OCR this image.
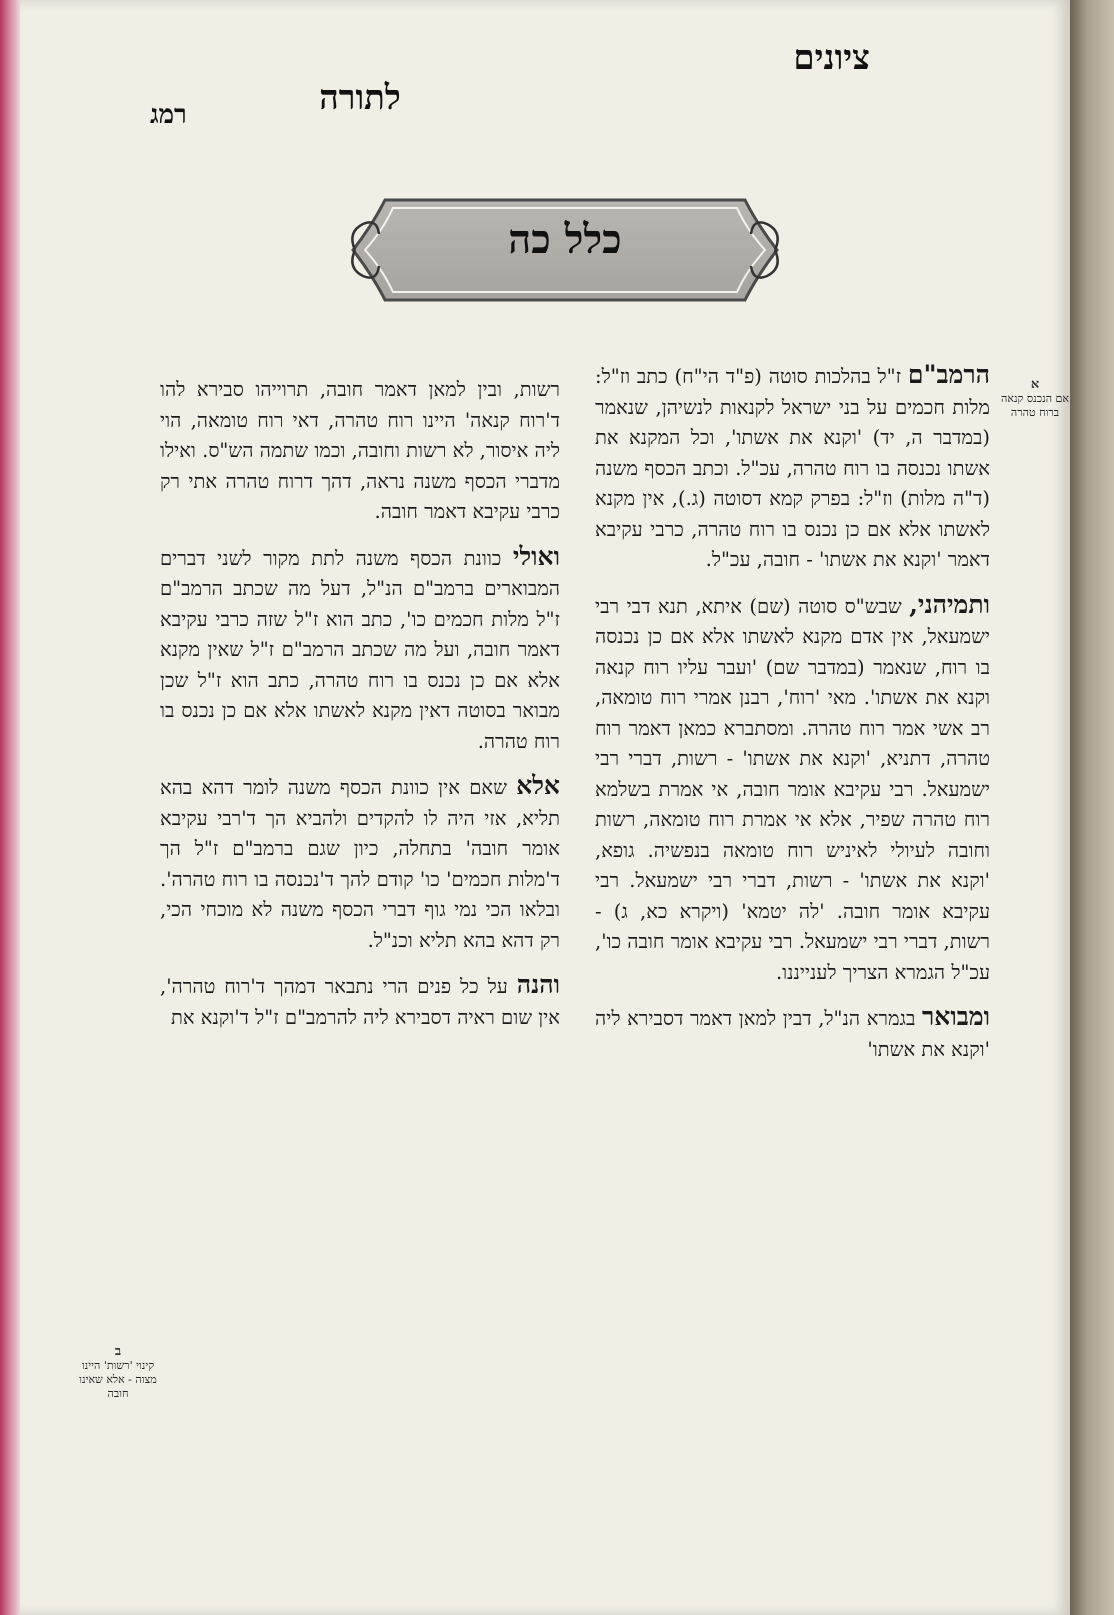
ציונים
לתורה
רמג
כלל כה
א
אם הנכנס קנאה ברוח טהרה
ב
קינוי 'רשות' היינו מצוה - אלא שאינו חובה

הרמב"ם ז"ל בהלכות סוטה (פ"ד הי"ח) כתב וז"ל: מלות חכמים על בני ישראל לקנאות לנשיהן, שנאמר (במדבר ה, יד) 'וקנא את אשתו', וכל המקנא את אשתו נכנסה בו רוח טהרה, עכ"ל. וכתב הכסף משנה (ד"ה מלות) וז"ל: בפרק קמא דסוטה (ג.), אין מקנא לאשתו אלא אם כן נכנס בו רוח טהרה, כרבי עקיבא דאמר 'וקנא את אשתו' - חובה, עכ"ל.

ותמיהני, שבש"ס סוטה (שם) איתא, תנא דבי רבי ישמעאל, אין אדם מקנא לאשתו אלא אם כן נכנסה בו רוח, שנאמר (במדבר שם) 'ועבר עליו רוח קנאה וקנא את אשתו'. מאי 'רוח', רבנן אמרי רוח טומאה, רב אשי אמר רוח טהרה. ומסתברא כמאן דאמר רוח טהרה, דתניא, 'וקנא את אשתו' - רשות, דברי רבי ישמעאל. רבי עקיבא אומר חובה, אי אמרת בשלמא רוח טהרה שפיר, אלא אי אמרת רוח טומאה, רשות וחובה לעיולי לאיניש רוח טומאה בנפשיה. גופא, 'וקנא את אשתו' - רשות, דברי רבי ישמעאל. רבי עקיבא אומר חובה. 'לה יטמא' (ויקרא כא, ג) - רשות, דברי רבי ישמעאל. רבי עקיבא אומר חובה כו', עכ"ל הגמרא הצריך לענייננו.

ומבואר בגמרא הנ"ל, דבין למאן דאמר דסבירא ליה 'וקנא את אשתו'

רשות, ובין למאן דאמר חובה, תרוייהו סבירא להו ד'רוח קנאה' היינו רוח טהרה, דאי רוח טומאה, הוי ליה איסור, לא רשות וחובה, וכמו שתמה הש"ס. ואילו מדברי הכסף משנה נראה, דהך דרוח טהרה אתי רק כרבי עקיבא דאמר חובה.

ואולי כוונת הכסף משנה לתת מקור לשני דברים המבוארים ברמב"ם הנ"ל, דעל מה שכתב הרמב"ם ז"ל מלות חכמים כו', כתב הוא ז"ל שזה כרבי עקיבא דאמר חובה, ועל מה שכתב הרמב"ם ז"ל שאין מקנא אלא אם כן נכנס בו רוח טהרה, כתב הוא ז"ל שכן מבואר בסוטה דאין מקנא לאשתו אלא אם כן נכנס בו רוח טהרה.

אלא שאם אין כוונת הכסף משנה לומר דהא בהא תליא, אזי היה לו להקדים ולהביא הך ד'רבי עקיבא אומר חובה' בתחלה, כיון שגם ברמב"ם ז"ל הך ד'מלות חכמים' כו' קודם להך ד'נכנסה בו רוח טהרה'. ובלאו הכי נמי גוף דברי הכסף משנה לא מוכחי הכי, רק דהא בהא תליא וכנ"ל.

והנה על כל פנים הרי נתבאר דמהך ד'רוח טהרה', אין שום ראיה דסבירא ליה להרמב"ם ז"ל ד'וקנא את
